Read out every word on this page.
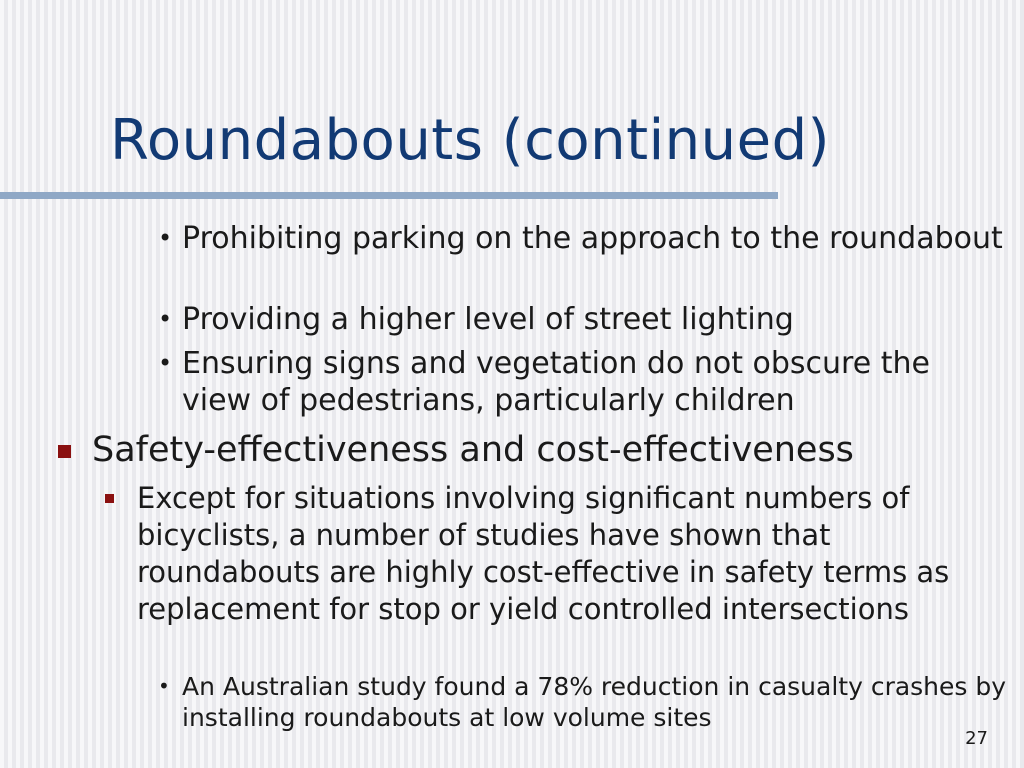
Roundabouts (continued)
• Prohibiting parking on the approach to the roundabout
• Providing a higher level of street lighting
• Ensuring signs and vegetation do not obscure the view of pedestrians, particularly children
Safety-effectiveness and cost-effectiveness
Except for situations involving significant numbers of bicyclists, a number of studies have shown that roundabouts are highly cost-effective in safety terms as replacement for stop or yield controlled intersections
• An Australian study found a 78% reduction in casualty crashes by installing roundabouts at low volume sites
27
